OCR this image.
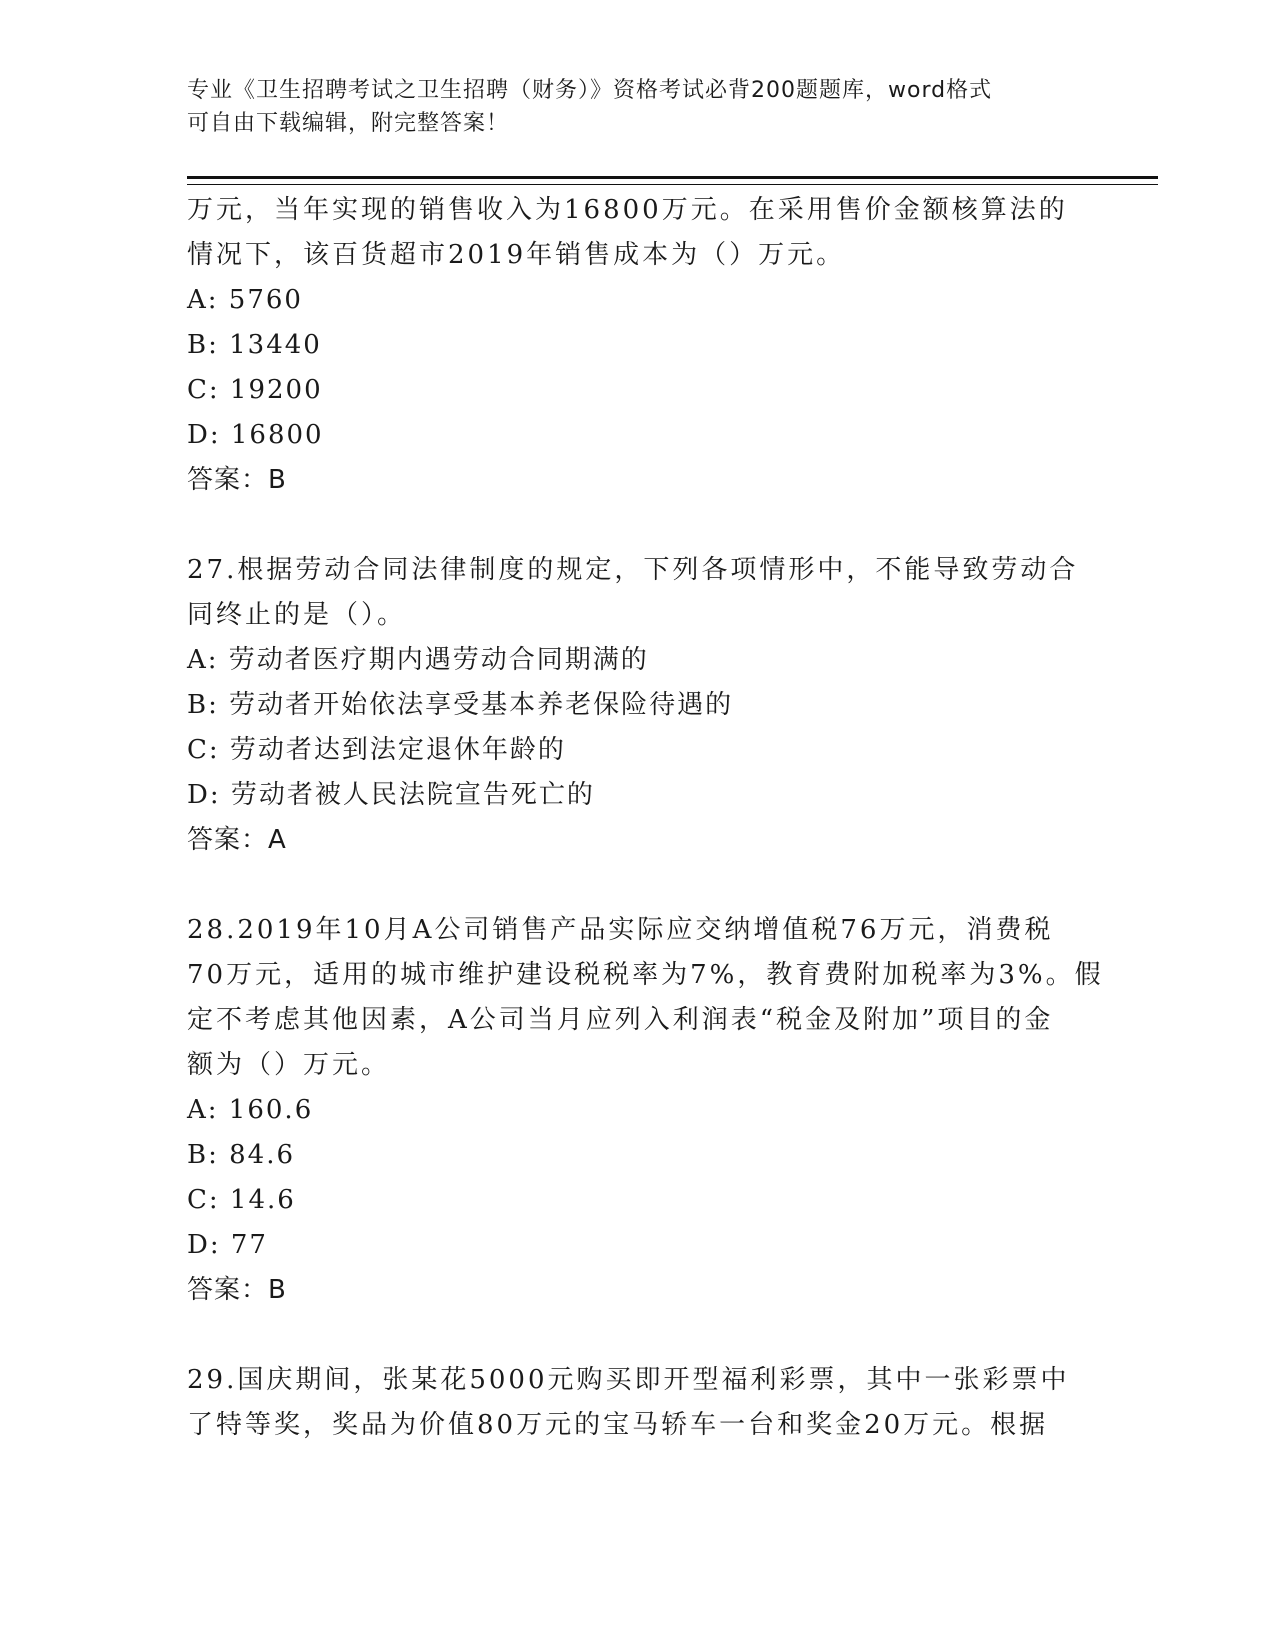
专业《卫生招聘考试之卫生招聘（财务）》资格考试必背200题题库，word格式
可自由下载编辑，附完整答案！
万元，当年实现的销售收入为16800万元。在采用售价金额核算法的
情况下，该百货超市2019年销售成本为（）万元。
A: 5760
B: 13440
C: 19200
D: 16800
答案：B
27.根据劳动合同法律制度的规定，下列各项情形中，不能导致劳动合
同终止的是（）。
A: 劳动者医疗期内遇劳动合同期满的
B: 劳动者开始依法享受基本养老保险待遇的
C: 劳动者达到法定退休年龄的
D: 劳动者被人民法院宣告死亡的
答案：A
28.2019年10月A公司销售产品实际应交纳增值税76万元，消费税
70万元，适用的城市维护建设税税率为7%，教育费附加税率为3%。假
定不考虑其他因素，A公司当月应列入利润表“税金及附加”项目的金
额为（）万元。
A: 160.6
B: 84.6
C: 14.6
D: 77
答案：B
29.国庆期间，张某花5000元购买即开型福利彩票，其中一张彩票中
了特等奖，奖品为价值80万元的宝马轿车一台和奖金20万元。根据
